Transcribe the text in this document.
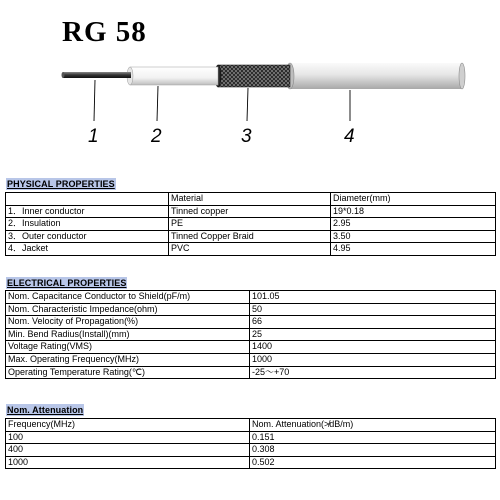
RG 58
1	2	3	4
PHYSICAL PROPERTIES
	Material	Diameter(mm)
1．Inner conductor	Tinned copper	19*0.18
2．Insulation	PE	2.95
3．Outer conductor	Tinned Copper Braid	3.50
4．Jacket	PVC	4.95
ELECTRICAL PROPERTIES
Nom. Capacitance Conductor to Shield(pF/m)	101.05
Nom. Characteristic Impedance(ohm)	50
Nom. Velocity of Propagation(%)	66
Min. Bend Radius(Install)(mm)	25
Voltage Rating(VMS)	1400
Max. Operating Frequency(MHz)	1000
Operating Temperature Rating(℃)	-25～+70
Nom. Attenuation
Frequency(MHz)	Nom. Attenuation(≯dB/m)
100	0.151
400	0.308
1000	0.502
